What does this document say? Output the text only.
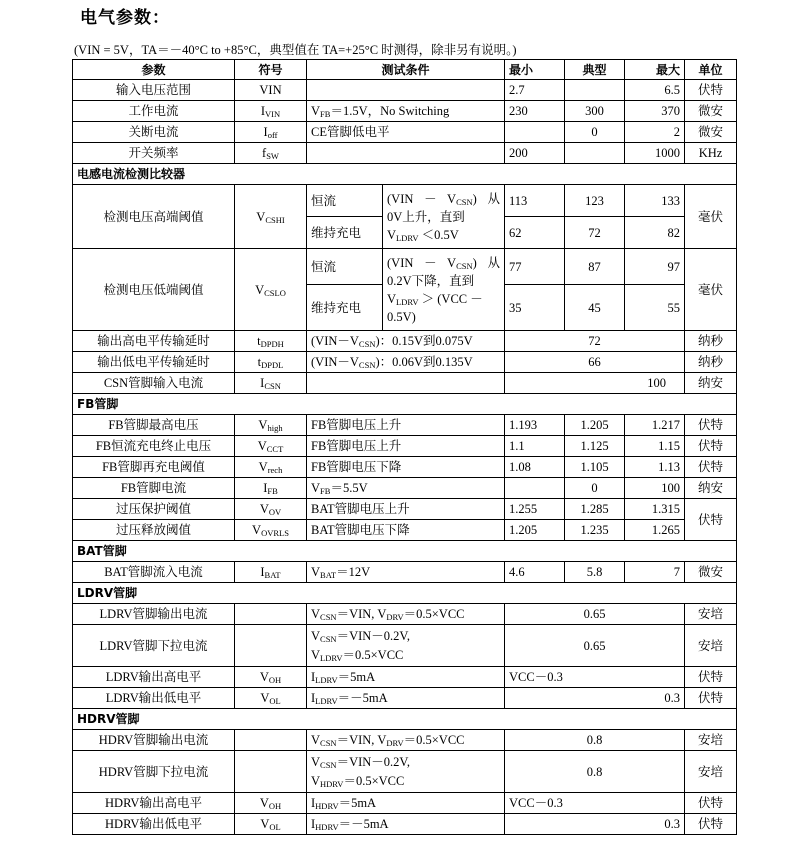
电气参数：
(VIN = 5V，TA＝－40°C to +85°C，典型值在 TA=+25°C 时测得，除非另有说明。)
参数	符号	测试条件		最小	典型	最大	单位
输入电压范围	VIN			2.7		6.5	伏特
工作电流	$I_{VIN}$	$V_{FB}=1.5V$，No Switching		230	300	370	微安
关断电流	$I_{off}$	CE管脚低电平			0	2	微安
开关频率	$f_{SW}$			200		1000	KHz
电感电流检测比较器							
检测电压高端阈值	$V_{CSHI}$	恒流	$(VIN - V_{CSN})$ 从
0V上升，直到
$V_{LDRV} <0.5V$	113	123	133	毫伏
		维持充电		62	72	82	
检测电压低端阈值	$V_{CSLO}$	恒流	$(VIN - V_{CSN})$ 从
0.2V下降，直到
$V_{LDRV} > (VCC$ －
0.5V)	77	87	97	毫伏
		维持充电		35	45	55	
输出高电平传输延时	$t_{DPDH}$	$(VIN-V_{CSN})$：0.15V到0.075V		72			纳秒
输出低电平传输延时	$t_{DPDL}$	$(VIN-V_{CSN})$：0.06V到0.135V		66			纳秒
CSN管脚输入电流	$I_{CSN}$			100			纳安
FB管脚							
FB管脚最高电压	$V_{high}$	FB管脚电压上升		1.193	1.205	1.217	伏特
FB恒流充电终止电压	$V_{CCT}$	FB管脚电压上升		1.1	1.125	1.15	伏特
FB管脚再充电阈值	$V_{rech}$	FB管脚电压下降		1.08	1.105	1.13	伏特
FB管脚电流	$I_{FB}$	$V_{FB}=5.5V$			0	100	纳安
过压保护阈值	$V_{OV}$	BAT管脚电压上升		1.255	1.285	1.315	伏特
过压释放阈值	$V_{OVRLS}$	BAT管脚电压下降		1.205	1.235	1.265	
BAT管脚							
BAT管脚流入电流	$I_{BAT}$	$V_{BAT}=12V$		4.6	5.8	7	微安
LDRV管脚							
LDRV管脚输出电流		$V_{CSN}=VIN$, $V_{DRV}=0.5\times VCC$		0.65			安培
LDRV管脚下拉电流		$V_{CSN}=VIN-0.2V$,
$V_{LDRV}=0.5\times VCC$		0.65			安培
LDRV输出高电平	$V_{OH}$	$I_{LDRV}=5mA$		VCC－0.3			伏特
LDRV输出低电平	$V_{OL}$	$I_{LDRV}=-5mA$		0.3			伏特
HDRV管脚							
HDRV管脚输出电流		$V_{CSN}=VIN$, $V_{DRV}=0.5\times VCC$		0.8			安培
HDRV管脚下拉电流		$V_{CSN}=VIN-0.2V$,
$V_{HDRV}=0.5\times VCC$		0.8			安培
HDRV输出高电平	$V_{OH}$	$I_{HDRV}=5mA$		VCC－0.3			伏特
HDRV输出低电平	$V_{OL}$	$I_{HDRV}=-5mA$		0.3			伏特
